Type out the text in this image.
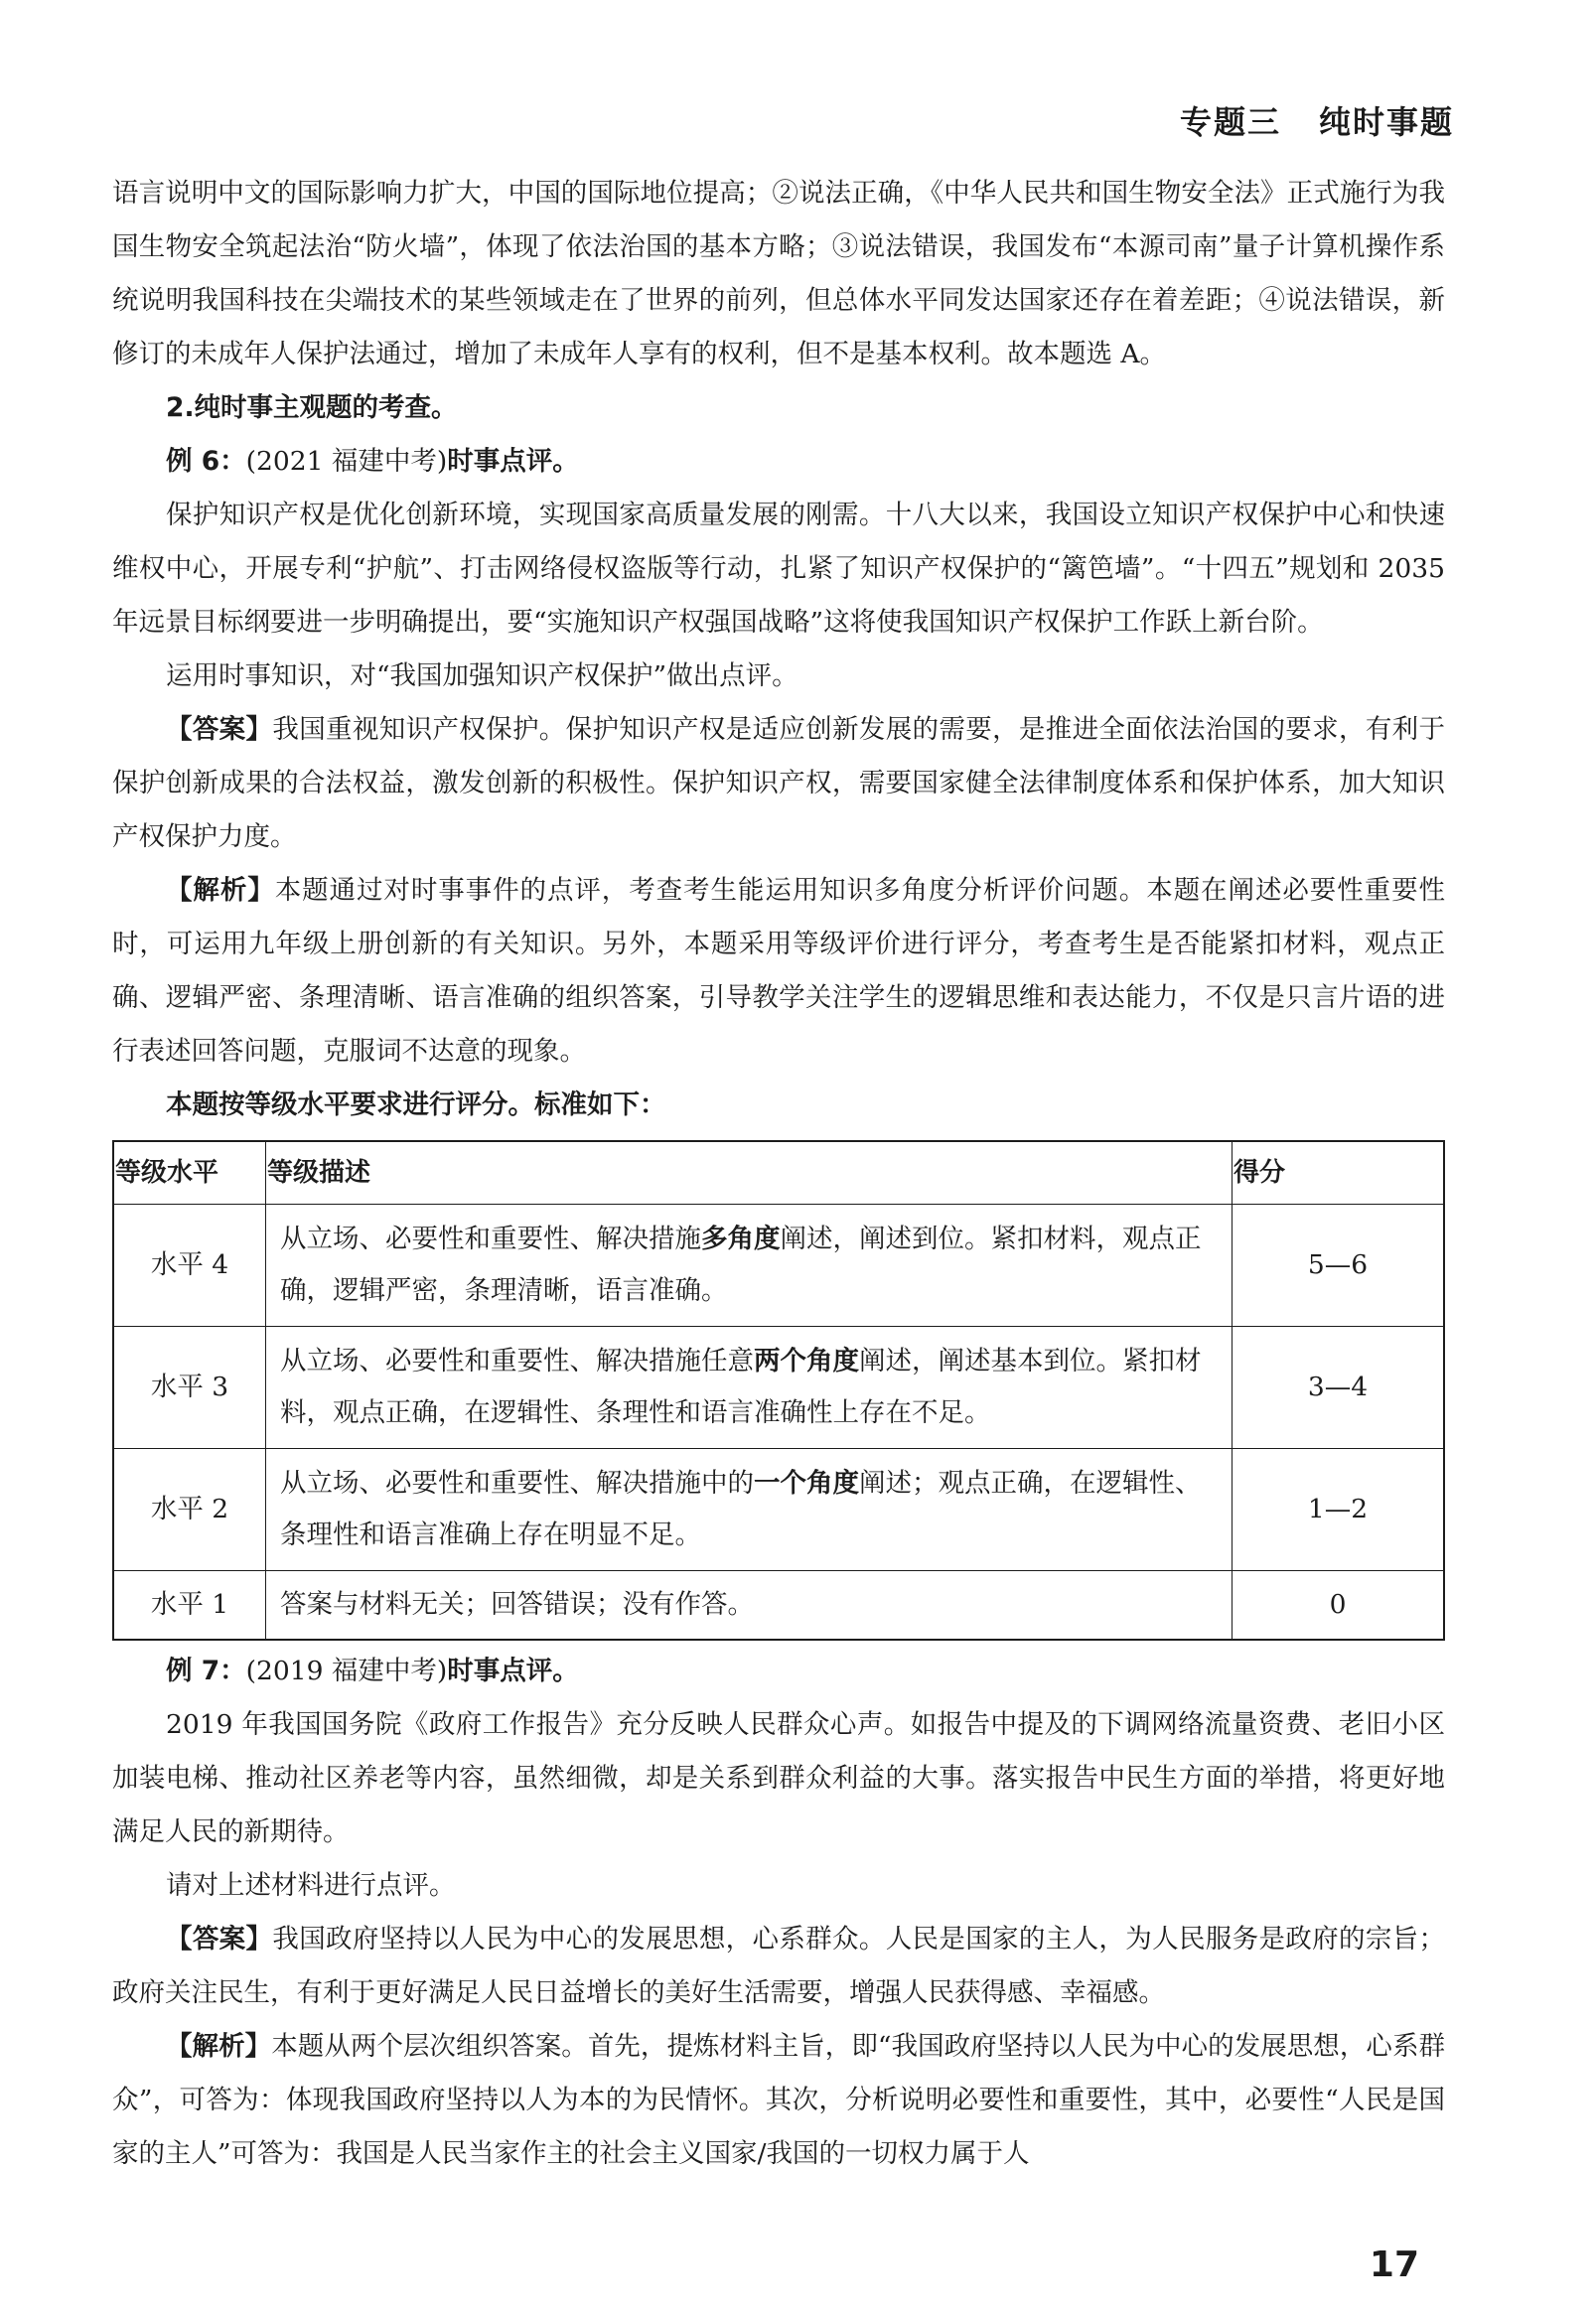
专题三 纯时事题

语言说明中文的国际影响力扩大，中国的国际地位提高；②说法正确，《中华人民共和国生物安全法》正式施行为我国生物安全筑起法治“防火墙”，体现了依法治国的基本方略；③说法错误，我国发布“本源司南”量子计算机操作系统说明我国科技在尖端技术的某些领域走在了世界的前列，但总体水平同发达国家还存在着差距；④说法错误，新修订的未成年人保护法通过，增加了未成年人享有的权利，但不是基本权利。故本题选 A。

2.纯时事主观题的考查。

例 6：(2021 福建中考)时事点评。

保护知识产权是优化创新环境，实现国家高质量发展的刚需。十八大以来，我国设立知识产权保护中心和快速维权中心，开展专利“护航”、打击网络侵权盗版等行动，扎紧了知识产权保护的“篱笆墙”。“十四五”规划和 2035 年远景目标纲要进一步明确提出，要“实施知识产权强国战略”这将使我国知识产权保护工作跃上新台阶。

运用时事知识，对“我国加强知识产权保护”做出点评。

【答案】我国重视知识产权保护。保护知识产权是适应创新发展的需要，是推进全面依法治国的要求，有利于保护创新成果的合法权益，激发创新的积极性。保护知识产权，需要国家健全法律制度体系和保护体系，加大知识产权保护力度。

【解析】本题通过对时事事件的点评，考查考生能运用知识多角度分析评价问题。本题在阐述必要性重要性时，可运用九年级上册创新的有关知识。另外，本题采用等级评价进行评分，考查考生是否能紧扣材料，观点正确、逻辑严密、条理清晰、语言准确的组织答案，引导教学关注学生的逻辑思维和表达能力，不仅是只言片语的进行表述回答问题，克服词不达意的现象。

本题按等级水平要求进行评分。标准如下：

等级水平	等级描述	得分
水平 4	从立场、必要性和重要性、解决措施多角度阐述，阐述到位。紧扣材料，观点正确，逻辑严密，条理清晰，语言准确。	5—6
水平 3	从立场、必要性和重要性、解决措施任意两个角度阐述，阐述基本到位。紧扣材料，观点正确，在逻辑性、条理性和语言准确性上存在不足。	3—4
水平 2	从立场、必要性和重要性、解决措施中的一个角度阐述；观点正确，在逻辑性、条理性和语言准确上存在明显不足。	1—2
水平 1	答案与材料无关；回答错误；没有作答。	0

例 7：(2019 福建中考)时事点评。

2019 年我国国务院《政府工作报告》充分反映人民群众心声。如报告中提及的下调网络流量资费、老旧小区加装电梯、推动社区养老等内容，虽然细微，却是关系到群众利益的大事。落实报告中民生方面的举措，将更好地满足人民的新期待。

请对上述材料进行点评。

【答案】我国政府坚持以人民为中心的发展思想，心系群众。人民是国家的主人，为人民服务是政府的宗旨；政府关注民生，有利于更好满足人民日益增长的美好生活需要，增强人民获得感、幸福感。

【解析】本题从两个层次组织答案。首先，提炼材料主旨，即“我国政府坚持以人民为中心的发展思想，心系群众”，可答为：体现我国政府坚持以人为本的为民情怀。其次，分析说明必要性和重要性，其中，必要性“人民是国家的主人”可答为：我国是人民当家作主的社会主义国家/我国的一切权力属于人

17
